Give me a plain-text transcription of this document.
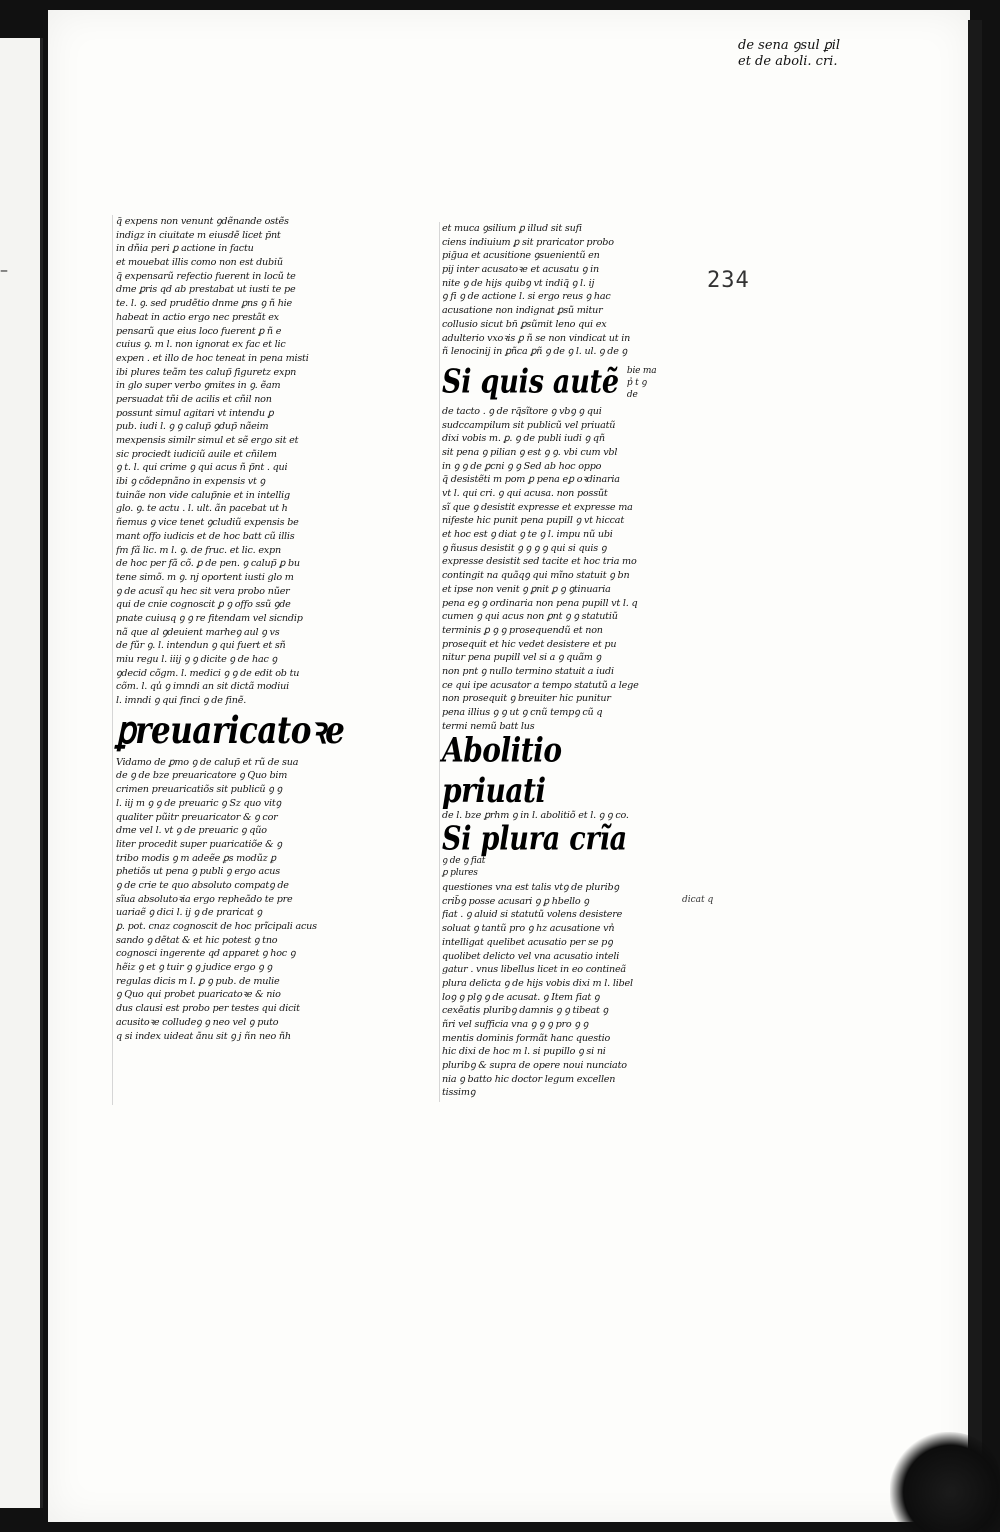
–
de sena ꝯsul ꝑil
et de aboli. cri.
234
dicat q
q̃ expens non venunt ꝯdẽnande ostẽs
indigz in ciuitate m eiusdẽ licet p̄nt
in dñia peri ꝑ actione in factu
et mouebat illis como non est dubiũ
q̃ expensarũ refectio fuerent in locũ te
dme ꝑris qd ab prestabat ut iusti te pe
te. l. ꝯ. sed prudẽtio dnme ꝑns ꝯ ñ hie
habeat in actio ergo nec prestãt ex
pensarũ que eius loco fuerent ꝑ ñ e
cuius ꝯ. m l. non ignorat ex fac et lic
expen . et illo de hoc teneat in pena misti
ibi plures teãm tes calup̃ figuretz expn
in glo super verbo ꝯmites in ꝯ. ẽam
persuadat tñi de acilis et cñil non
possunt simul agitari vt intendu ꝑ
pub. iudi l. ꝯ ꝯ calup̃ ꝯdup̃ nãeim
mexpensis similr simul et sẽ ergo sit et
sic prociedt iudiciũ auile et cñilem
ꝯ t. l. qui crime ꝯ qui acus ñ p̃nt . qui
ibi ꝯ cõdepnãno in expensis vt ꝯ
tuinãe non vide calup̃nie et in intellig
glo. ꝯ. te actu . l. ult. ãn pacebat ut h
ñemus ꝯ vice tenet ꝯcludiũ expensis be
mant offo iudicis et de hoc batt cũ illis
fm fã lic. m l. ꝯ. de fruc. et lic. expn
de hoc per fã cõ. ꝑ de pen. ꝯ calup̃ ꝑ bu
tene simõ. m ꝯ. nj oportent iusti glo m
ꝯ de acusĩ qu hec sit vera probo nũer
qui de cnie cognoscit ꝑ ꝯ offo ssũ ꝯde
pnate cuiusq ꝯ ꝯ re fitendam vel sicndip
nã que al ꝯdeuient marheꝯ aul ꝯ vs
de fũr ꝯ. l. intendun ꝯ qui fuert et sñ
miu regu l. iiij ꝯ ꝯ dicite ꝯ de hac ꝯ
ꝯdecid cõgm. l. medici ꝯ ꝯ de edit ob tu
cõm. l. qu̾ ꝯ imndi an sit dictã modiui
l. imndi ꝯ qui finci ꝯ de finẽ.
ꝑreuaricatoꝛe
Vidamo de ꝑmo ꝯ de calup̃ et rũ de sua
de ꝯ de bze preuaricatore ꝯ Quo bim
crimen preuaricatiõs sit publicũ ꝯ ꝯ
l. iij m ꝯ ꝯ de preuaric ꝯ Sz quo vitꝯ
qualiter pũitr preuaricator & ꝯ cor
dme vel l. vt ꝯ de preuaric ꝯ qũo
liter procedit super puaricatiõe & ꝯ
tribo modis ꝯ m adeẽe ꝑs modũz ꝑ
phetiõs ut pena ꝯ publi ꝯ ergo acus
ꝯ de crie te quo absoluto compatꝯ de
sĩua absolutoꝛia ergo repheãdo te pre
uariaẽ ꝯ dici l. ij ꝯ de praricat ꝯ
ꝑ. pot. cnaz cognoscit de hoc prĩcipali acus
sando ꝯ dẽtat & et hic potest ꝯ tno
cognosci ingerente qd apparet ꝯ hoc ꝯ
hẽiz ꝯ et ꝯ tuir ꝯ ꝯ judice ergo ꝯ ꝯ
regulas dicis m l. ꝑ ꝯ pub. de mulie
ꝯ Quo qui probet puaricatoꝛe & nio
dus clausi est probo per testes qui dicit
acusitoꝛe colludeꝯ ꝯ neo vel ꝯ puto
q si index uideat ãnu sit ꝯ j ñn neo ñh
et muca ꝯsilium ꝑ illud sit sufi
ciens indiuium ꝑ sit praricator probo
pig̃ua et acusitione ꝯsuenientũ en
pij inter acusatoꝛe et acusatu ꝯ in
nite ꝯ de hijs quibꝯ vt indiq̃ ꝯ l. ij
ꝯ fi ꝯ de actione l. si ergo reus ꝯ hac
acusatione non indignat ꝑsũ mitur
collusio sicut bn̄ ꝑsũmit leno qui ex
adulterio vxoꝛis ꝑ ñ se non vindicat ut in
ñ lenocinij in ꝑñca ꝑñ ꝯ de ꝯ l. ul. ꝯ de ꝯ
Si quis autẽ bie ma
p̾ t ꝯ
de
de tacto . ꝯ de rq̃sĩtore ꝯ vbꝯ ꝯ qui
sudccampilum sit publicũ vel priuatũ
dixi vobis m. ꝑ. ꝯ de publi iudi ꝯ qñ
sit pena ꝯ pilian ꝯ est ꝯ ꝯ. vbi cum vbl
in ꝯ ꝯ de ꝑcni ꝯ ꝯ Sed ab hoc oppo
q̃ desistẽti m pom ꝑ pena eꝑ oꝛdinaria
vt l. qui cri. ꝯ qui acusa. non possũt
sĩ que ꝯ desistit expresse et expresse ma
nifeste hic punit pena pupill ꝯ vt hiccat
et hoc est ꝯ diat ꝯ te ꝯ l. impu nũ ubi
ꝯ ñusus desistit ꝯ ꝯ ꝯ ꝯ qui si quis ꝯ
expresse desistit sed tacite et hoc tria mo
contingit na quãqꝯ qui mĩno statuit ꝯ bn
et ipse non venit ꝯ ꝑnit ꝑ ꝯ ꝯtinuaria
pena eꝯ ꝯ ordinaria non pena pupill vt l. q
cumen ꝯ qui acus non ꝑnt ꝯ ꝯ statutiũ
terminis ꝑ ꝯ ꝯ prosequendũ et non
prosequit et hic vedet desistere et pu
nitur pena pupill vel si a ꝯ quãm ꝯ
non pnt ꝯ nullo termino statuit a iudi
ce qui ipe acusator a tempo statutũ a lege
non prosequit ꝯ breuiter hic punitur
pena illius ꝯ ꝯ ut ꝯ cnũ tempꝯ cũ q
termi nemũ batt lus
Abolitio priuati
de l. bze ꝑrhm ꝯ in l. abolitiõ et l. ꝯ ꝯ co.
Si plura crĩaꝯ de ꝯ fiat
ꝑ plures
questiones vna est talis vtꝯ de pluribꝯ
crib̃ꝯ posse acusari ꝯ ꝑ hbello ꝯ
fiat . ꝯ aluid si statutũ volens desistere
soluat ꝯ tantũ pro ꝯ hz acusatione vn̾
intelligat quelibet acusatio per se pꝯ
quolibet delicto vel vna acusatio inteli
gatur . vnus libellus licet in eo contineã
plura delicta ꝯ de hijs vobis dixi m l. libel
loꝯ ꝯ plꝯ ꝯ de acusat. ꝯ Item fiat ꝯ
cexẽatis pluribꝯ damnis ꝯ ꝯ tibeat ꝯ
ñri vel sufficia vna ꝯ ꝯ ꝯ pro ꝯ ꝯ
mentis dominis formãt hanc questio
hic dixi de hoc m l. si pupillo ꝯ si ni
pluribꝯ & supra de opere noui nunciato
nia ꝯ batto hic doctor legum excellen
tissimꝯ
